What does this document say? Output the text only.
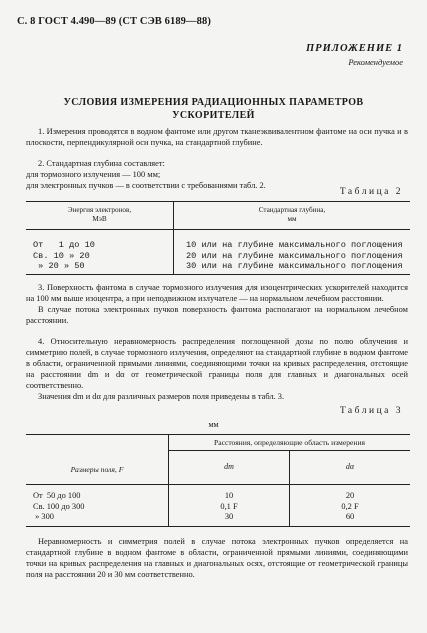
С. 8 ГОСТ 4.490—89 (СТ СЭВ 6189—88)
ПРИЛОЖЕНИЕ 1
Рекомендуемое
УСЛОВИЯ ИЗМЕРЕНИЯ РАДИАЦИОННЫХ ПАРАМЕТРОВ
УСКОРИТЕЛЕЙ

1. Измерения проводятся в водном фантоме или другом тканеэквивалентном фантоме на оси пучка и в плоскости, перпендикулярной оси пучка, на стандартной глубине.

2. Стандартная глубина составляет:

для тормозного излучения — 100 мм;
для электронных пучков — в соответствии с требованиями табл. 2.
Таблица 2
Энергия электронов,
МэВ
Стандартная глубина,
мм
От   1 до 10
Св. 10 » 20
» 20 » 50
10 или на глубине максимального поглощения
20 или на глубине максимального поглощения
30 или на глубине максимального поглощения

3. Поверхность фантома в случае тормозного излучения для изоцентрических ускорителей находится на 100 мм выше изоцентра, а при неподвижном излучателе — на нормальном лечебном расстоянии.

В случае потока электронных пучков поверхность фантома располагают на нормальном лечебном расстоянии.

4. Относительную неравномерность распределения поглощенной дозы по полю облучения и симметрию полей, в случае тормозного излучения, определяют на стандартной глубине в водном фантоме в области, ограниченной прямыми линиями, соединяющими точки на кривых распределения, отстоящие на расстоянии dm и dα от геометрической границы поля для главных и диагональных осей соответственно.

Значения dm и dα для различных размеров поля приведены в табл. 3.

Таблица 3
мм
Размеры поля, F
Расстояния, определяющие область измерения
dm	dα
От  50 до 100
Св. 100 до 300
» 300
10
0,1 F
30
20
0,2 F
60

Неравномерность и симметрия полей в случае потока электронных пучков определяется на стандартной глубине в водном фантоме в области, ограниченной прямыми линиями, соединяющими точки на кривых распределения на главных и диагональных осях, отстоящие от геометрической границы поля на расстоянии 20 и 30 мм соответственно.
